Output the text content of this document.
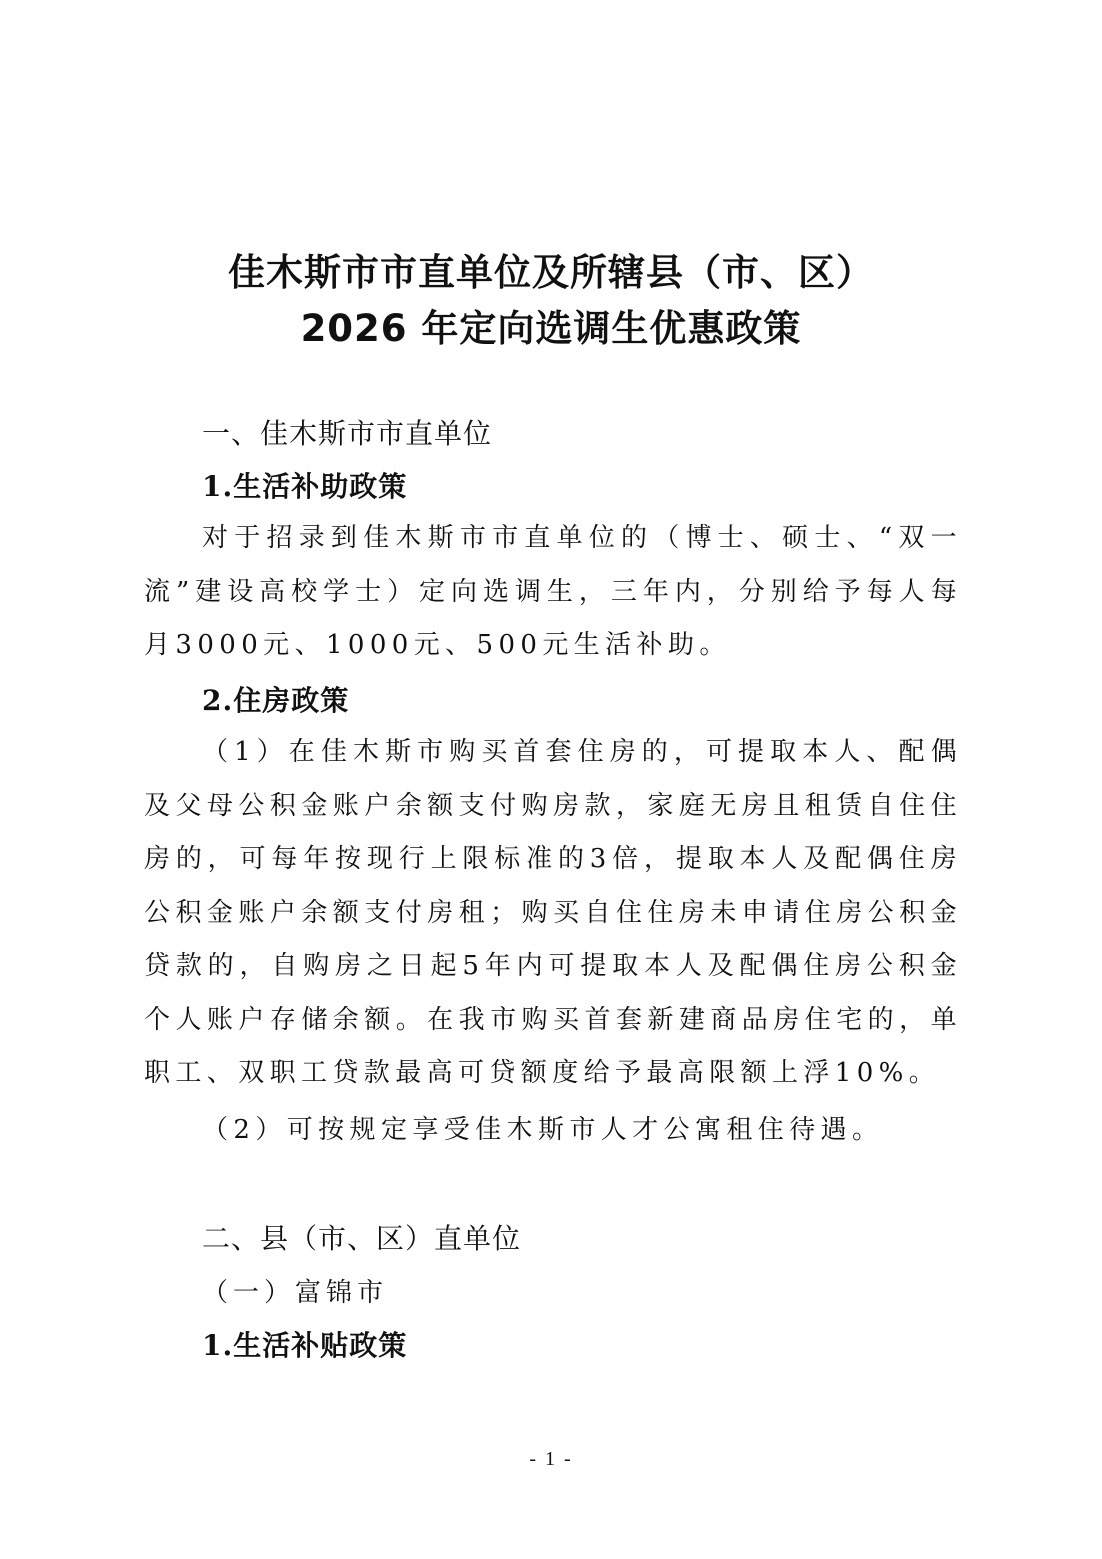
佳木斯市市直单位及所辖县（市、区）
2026 年定向选调生优惠政策
一、佳木斯市市直单位
1.生活补助政策

对于招录到佳木斯市市直单位的（博士、硕士、“双一流”建设高校学士）定向选调生，三年内，分别给予每人每月3000元、1000元、500元生活补助。

2.住房政策

（1）在佳木斯市购买首套住房的，可提取本人、配偶及父母公积金账户余额支付购房款，家庭无房且租赁自住住房的，可每年按现行上限标准的3倍，提取本人及配偶住房公积金账户余额支付房租；购买自住住房未申请住房公积金贷款的，自购房之日起5年内可提取本人及配偶住房公积金个人账户存储余额。在我市购买首套新建商品房住宅的，单职工、双职工贷款最高可贷额度给予最高限额上浮10%。

（2）可按规定享受佳木斯市人才公寓租住待遇。

二、县（市、区）直单位
（一）富锦市
1.生活补贴政策
- 1 -
